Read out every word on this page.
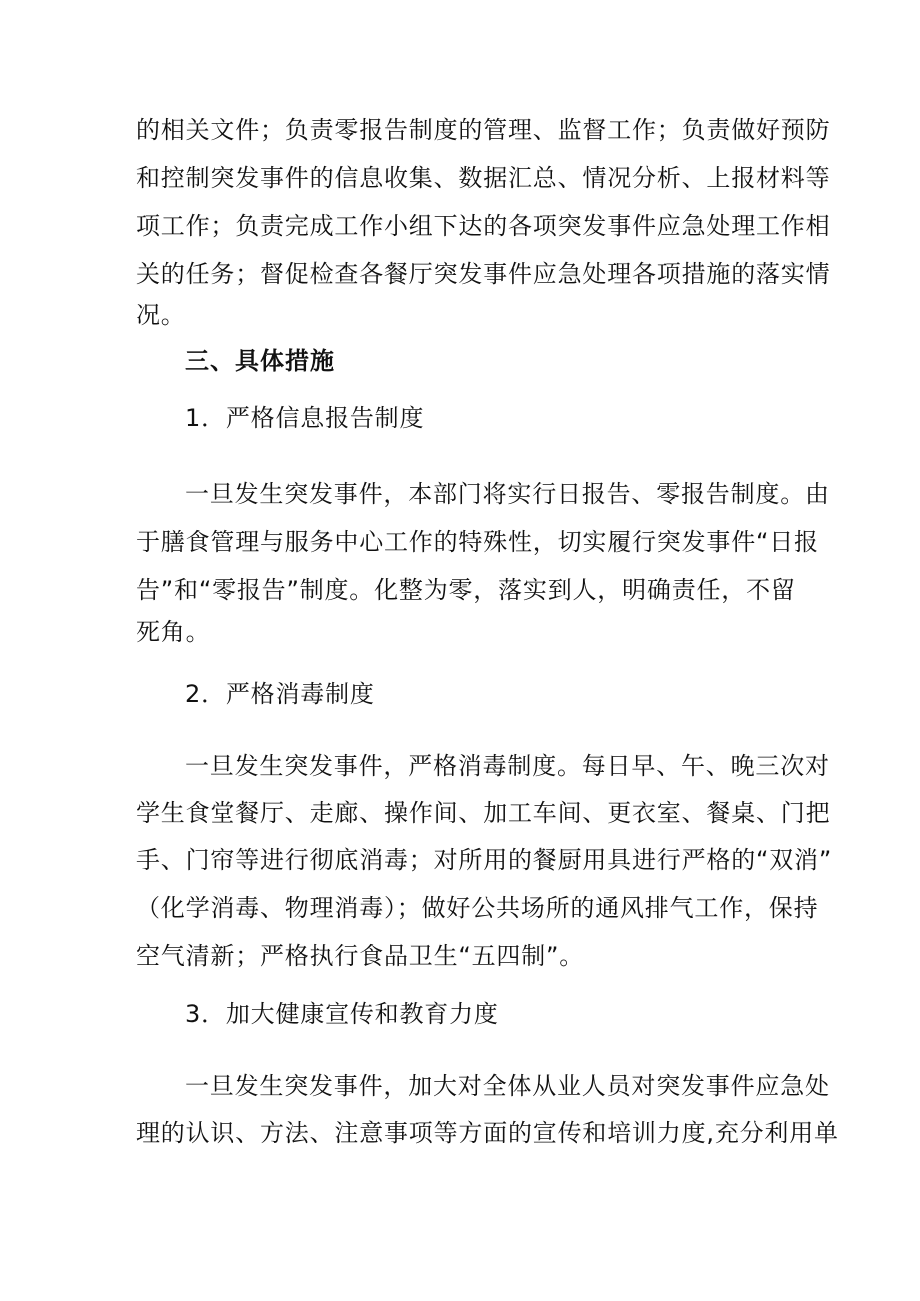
的相关文件；负责零报告制度的管理、监督工作；负责做好预防
和控制突发事件的信息收集、数据汇总、情况分析、上报材料等
项工作；负责完成工作小组下达的各项突发事件应急处理工作相
关的任务；督促检查各餐厅突发事件应急处理各项措施的落实情
况。
三、具体措施
1．严格信息报告制度
一旦发生突发事件，本部门将实行日报告、零报告制度。由
于膳食管理与服务中心工作的特殊性，切实履行突发事件“日报
告”和“零报告”制度。化整为零，落实到人，明确责任，不留
死角。
2．严格消毒制度
一旦发生突发事件，严格消毒制度。每日早、午、晚三次对
学生食堂餐厅、走廊、操作间、加工车间、更衣室、餐桌、门把
手、门帘等进行彻底消毒；对所用的餐厨用具进行严格的“双消”
（化学消毒、物理消毒）；做好公共场所的通风排气工作，保持
空气清新；严格执行食品卫生“五四制”。
3．加大健康宣传和教育力度
一旦发生突发事件，加大对全体从业人员对突发事件应急处
理的认识、方法、注意事项等方面的宣传和培训力度,充分利用单
